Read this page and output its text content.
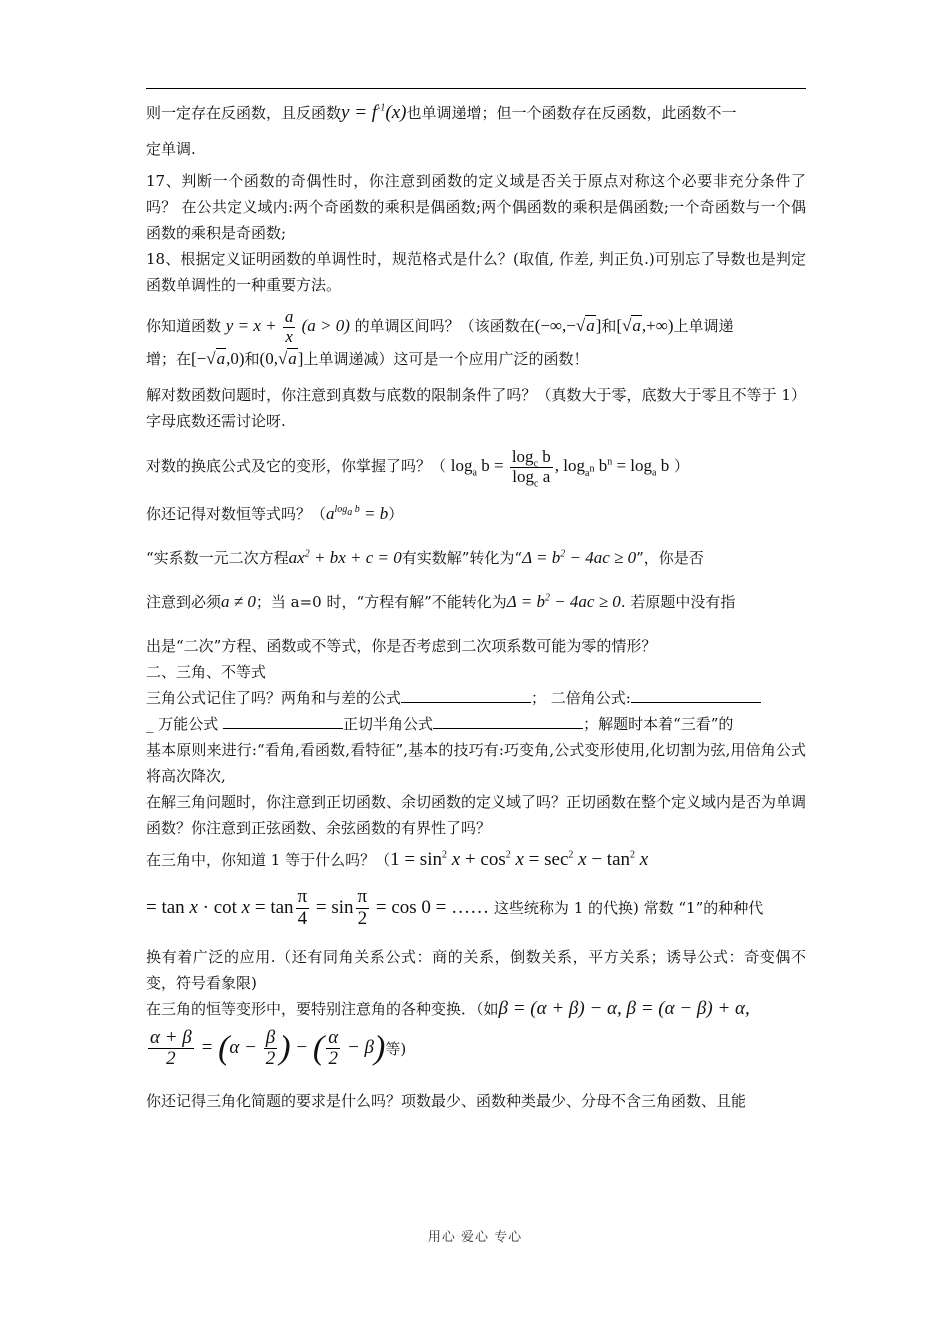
则一定存在反函数，且反函数$y = f^{-1}(x)$也单调递增；但一个函数存在反函数，此函数不一

定单调.

17、判断一个函数的奇偶性时，你注意到函数的定义域是否关于原点对称这个必要非充分条件了吗？ 在公共定义域内:两个奇函数的乘积是偶函数;两个偶函数的乘积是偶函数;一个奇函数与一个偶函数的乘积是奇函数;

18、根据定义证明函数的单调性时，规范格式是什么？(取值, 作差, 判正负.)可别忘了导数也是判定函数单调性的一种重要方法。

你知道函数 $y = x + \frac{a}{x} (a > 0)$ 的单调区间吗？（该函数在(−∞,−√a]和[√a,+∞)上单调递
增；在[−√a,0)和(0,√a]上单调递减）这可是一个应用广泛的函数！

解对数函数问题时，你注意到真数与底数的限制条件了吗？（真数大于零，底数大于零且不等于 1）字母底数还需讨论呀.

对数的换底公式及它的变形，你掌握了吗？（ $\log_a b = \frac{\log_c b}{\log_c a}$ , $\log_{a^n} b^n = \log_a b$ ）

你还记得对数恒等式吗？$(a^{log_a b} = b)$

“实系数一元二次方程$ax^2$ + bx + c = 0有实数解”转化为“$\Delta = b^2 - 4ac \ge 0$”，你是否

注意到必须a ≠ 0；当 a=0 时，“方程有解”不能转化为$\Delta = b^2 - 4ac \ge 0$. 若原题中没有指

出是“二次”方程、函数或不等式，你是否考虑到二次项系数可能为零的情形？

二、三角、不等式

三角公式记住了吗？两角和与差的公式	； 二倍角公式:
_ 万能公式	正切半角公式	；解题时本着“三看”的

基本原则来进行:“看角,看函数,看特征”,基本的技巧有:巧变角,公式变形使用,化切割为弦,用倍角公式将高次降次,

在解三角问题时，你注意到正切函数、余切函数的定义域了吗？正切函数在整个定义域内是否为单调函数？你注意到正弦函数、余弦函数的有界性了吗？

在三角中，你知道 1 等于什么吗？（$1 = \sin^2 x + \cos^2 x = \sec^2 x - \tan^2 x$

= $\tan x \cdot \cot x = \tan \frac{\pi}{4} = \sin \frac{\pi}{2} = \cos 0$ = …… 这些统称为 1 的代换) 常数 “1”的种种代

换有着广泛的应用.（还有同角关系公式：商的关系，倒数关系，平方关系；诱导公式：奇变偶不变，符号看象限)

在三角的恒等变形中，要特别注意角的各种变换．（如β = (α + β) − α, β = (α − β) + α,

$\frac{\alpha + \beta}{2} = (\alpha - \frac{\beta}{2}$ ) − ( $\frac{\alpha}{2} - \beta$)等)

你还记得三角化简题的要求是什么吗？项数最少、函数种类最少、分母不含三角函数、且能

用心 爱心 专心
